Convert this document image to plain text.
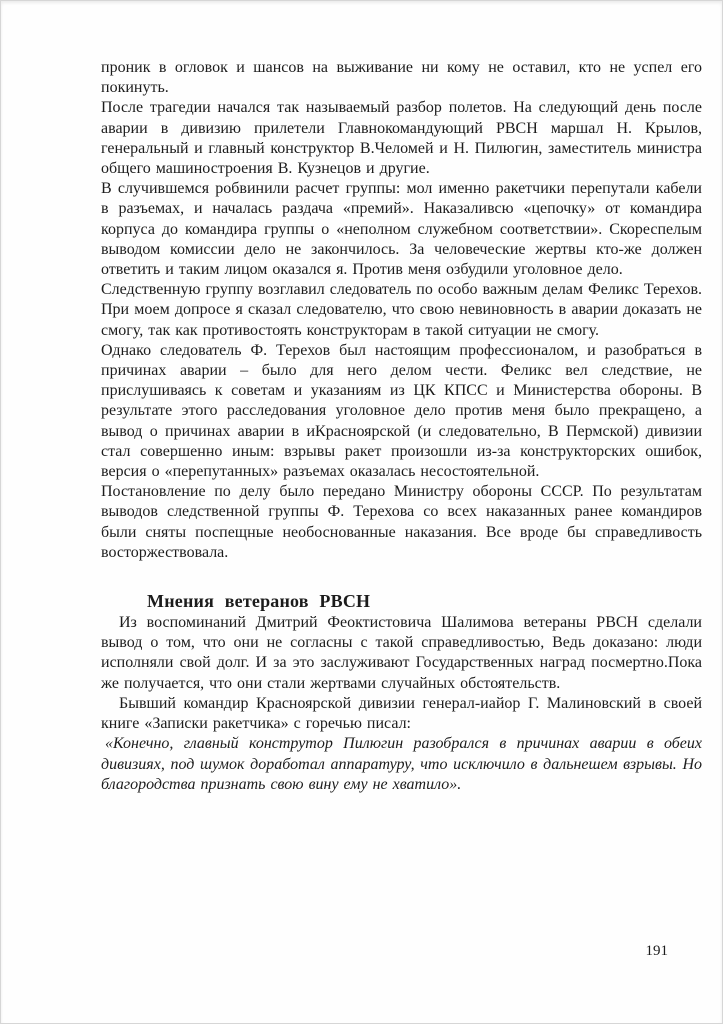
проник в огловок и шансов на выживание ни кому не оставил, кто не успел его покинуть.

После трагедии начался так называемый разбор полетов. На следующий день после аварии в дивизию прилетели Главнокомандующий РВСН маршал Н. Крылов, генеральный и главный конструктор В.Челомей и Н. Пилюгин, заместитель министра общего машиностроения В. Кузнецов и другие.

В случившемся робвинили расчет группы: мол именно ракетчики перепутали кабели в разъемах, и началась раздача «премий». Наказаливсю «цепочку» от командира корпуса до командира группы о «неполном служебном соответствии». Скореспелым выводом комиссии дело не закончилось. За человеческие жертвы кто-же должен ответить и таким лицом оказался я. Против меня озбудили уголовное дело.

Следственную группу возглавил следователь по особо важным делам Феликс Терехов. При моем допросе я сказал следователю, что свою невиновность в аварии доказать не смогу, так как противостоять конструкторам в такой ситуации не смогу.

Однако следователь Ф. Терехов был настоящим профессионалом, и разобраться в причинах аварии – было для него делом чести. Феликс вел следствие, не прислушиваясь к советам и указаниям из ЦК КПСС и Министерства обороны. В результате этого расследования уголовное дело против меня было прекращено, а вывод о причинах аварии в иКрасноярской (и следовательно, В Пермской) дивизии стал совершенно иным: взрывы ракет произошли из-за конструкторских ошибок, версия о «перепутанных» разъемах оказалась несостоятельной.

Постановление по делу было передано Министру обороны СССР. По результатам выводов следственной группы Ф. Терехова со всех наказанных ранее командиров были сняты поспещные необоснованные наказания. Все вроде бы справедливость восторжествовала.

Мнения ветеранов РВСН

Из воспоминаний Дмитрий Феоктистовича Шалимова ветераны РВСН сделали вывод о том, что они не согласны с такой справедливостью, Ведь доказано: люди исполняли свой долг. И за это заслуживают Государственных наград посмертно.Пока же получается, что они стали жертвами случайных обстоятельств.

Бывший командир Красноярской дивизии генерал-иайор Г. Малиновский в своей книге «Записки ракетчика» с горечью писал:

«Конечно, главный конструтор Пилюгин разобрался в причинах аварии в обеих дивизиях, под шумок доработал аппаратуру, что исключило в дальнешем взрывы. Но благородства признать свою вину ему не хватило».

191
